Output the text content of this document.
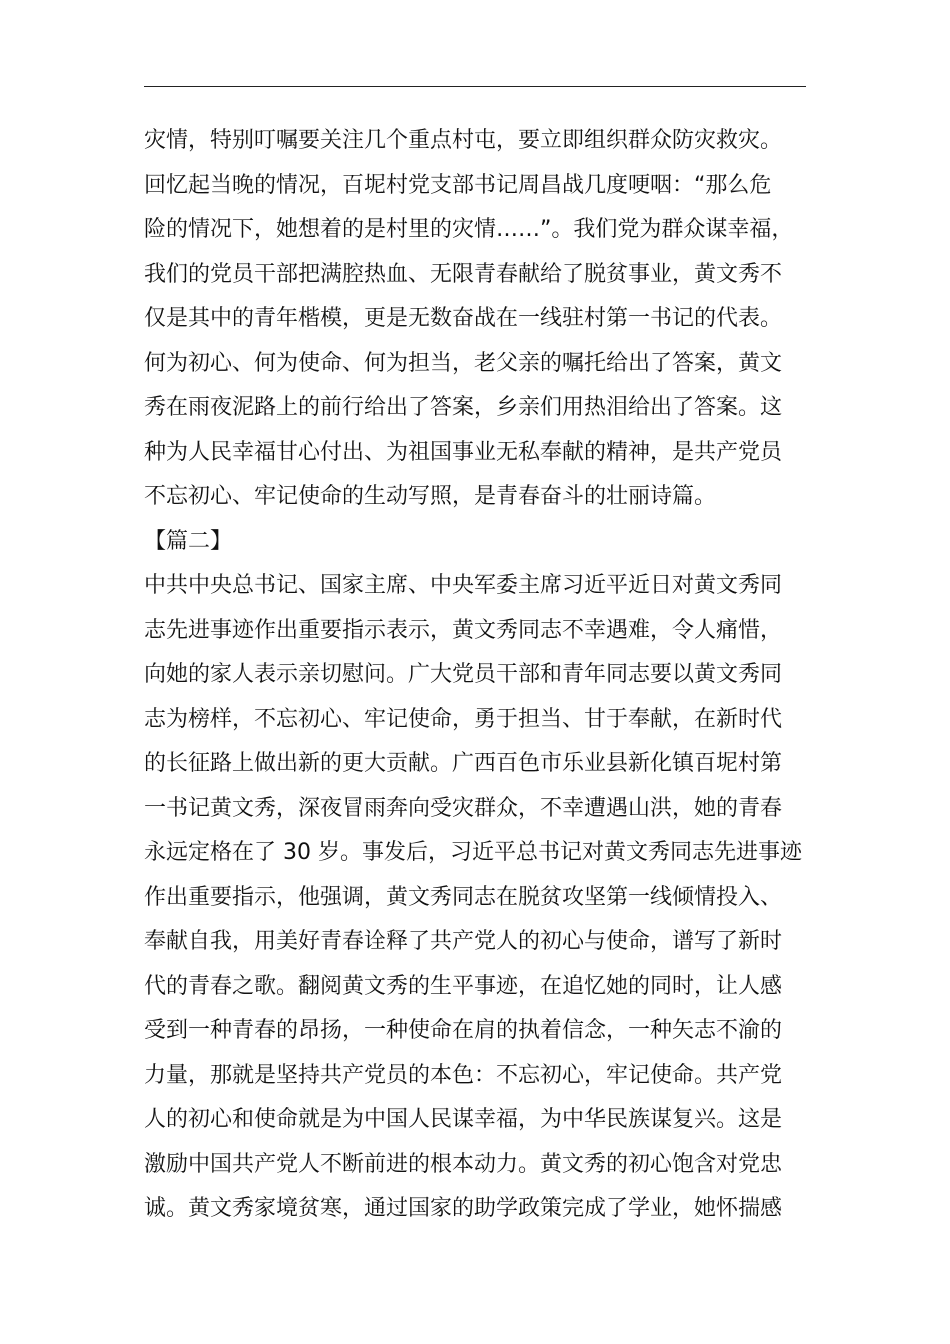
灾情，特别叮嘱要关注几个重点村屯，要立即组织群众防灾救灾。
回忆起当晚的情况，百坭村党支部书记周昌战几度哽咽：“那么危
险的情况下，她想着的是村里的灾情……”。我们党为群众谋幸福，
我们的党员干部把满腔热血、无限青春献给了脱贫事业，黄文秀不
仅是其中的青年楷模，更是无数奋战在一线驻村第一书记的代表。
何为初心、何为使命、何为担当，老父亲的嘱托给出了答案，黄文
秀在雨夜泥路上的前行给出了答案，乡亲们用热泪给出了答案。这
种为人民幸福甘心付出、为祖国事业无私奉献的精神，是共产党员
不忘初心、牢记使命的生动写照，是青春奋斗的壮丽诗篇。
【篇二】
中共中央总书记、国家主席、中央军委主席习近平近日对黄文秀同
志先进事迹作出重要指示表示，黄文秀同志不幸遇难，令人痛惜，
向她的家人表示亲切慰问。广大党员干部和青年同志要以黄文秀同
志为榜样，不忘初心、牢记使命，勇于担当、甘于奉献，在新时代
的长征路上做出新的更大贡献。广西百色市乐业县新化镇百坭村第
一书记黄文秀，深夜冒雨奔向受灾群众，不幸遭遇山洪，她的青春
永远定格在了 30 岁。事发后，习近平总书记对黄文秀同志先进事迹
作出重要指示，他强调，黄文秀同志在脱贫攻坚第一线倾情投入、
奉献自我，用美好青春诠释了共产党人的初心与使命，谱写了新时
代的青春之歌。翻阅黄文秀的生平事迹，在追忆她的同时，让人感
受到一种青春的昂扬，一种使命在肩的执着信念，一种矢志不渝的
力量，那就是坚持共产党员的本色：不忘初心，牢记使命。共产党
人的初心和使命就是为中国人民谋幸福，为中华民族谋复兴。这是
激励中国共产党人不断前进的根本动力。黄文秀的初心饱含对党忠
诚。黄文秀家境贫寒，通过国家的助学政策完成了学业，她怀揣感
